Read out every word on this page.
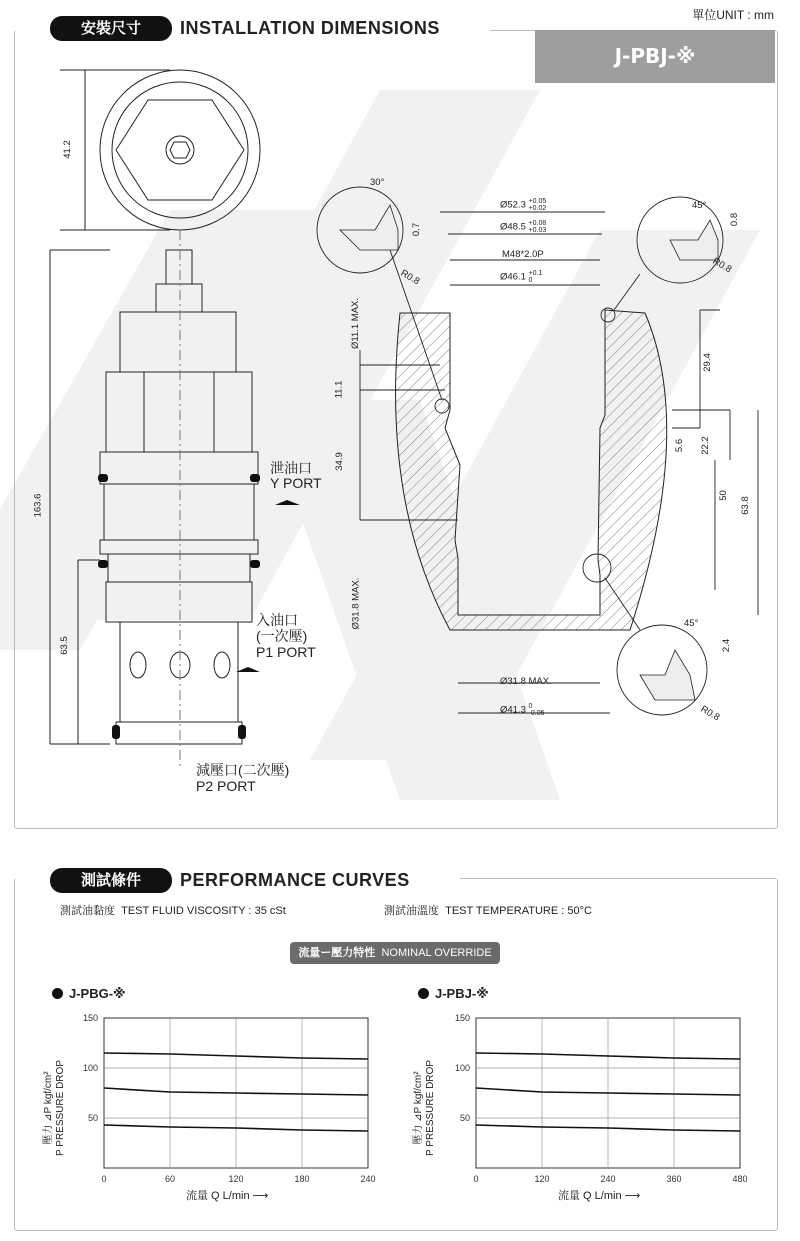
單位UNIT : mm
安裝尺寸	INSTALLATION DIMENSIONS
J-PBJ-※
41.2
163.6
63.5
泄油口
Y PORT
入油口
(一次壓)
P1 PORT
減壓口(二次壓)
P2 PORT
Ø52.3 +0.05
+0.02
Ø48.5 +0.08
+0.03
M48*2.0P
Ø46.1 +0.1
0
Ø31.8 MAX.
Ø41.3 0
-0.05
Ø11.1 MAX.
11.1
34.9
Ø31.8 MAX.
29.4
5.6 22.2
50
63.8
30°
0.7
R0.8
45°
0.8
R0.8
45°
2.4
R0.8
測試條件	PERFORMANCE CURVES
測試油黏度 TEST FLUID VISCOSITY : 35 cSt	測試油溫度 TEST TEMPERATURE : 50°C
流量ー壓力特性 NOMINAL OVERRIDE
J-PBG-※	J-PBJ-※
壓力 ⊿P kgf/cm² P PRESSURE DROP	壓力 ⊿P kgf/cm² P PRESSURE DROP
0	60	120	180	240
50
100
150
0	120	240	360	480
50
100
150
流量 Q L/min ⟶	流量 Q L/min ⟶
